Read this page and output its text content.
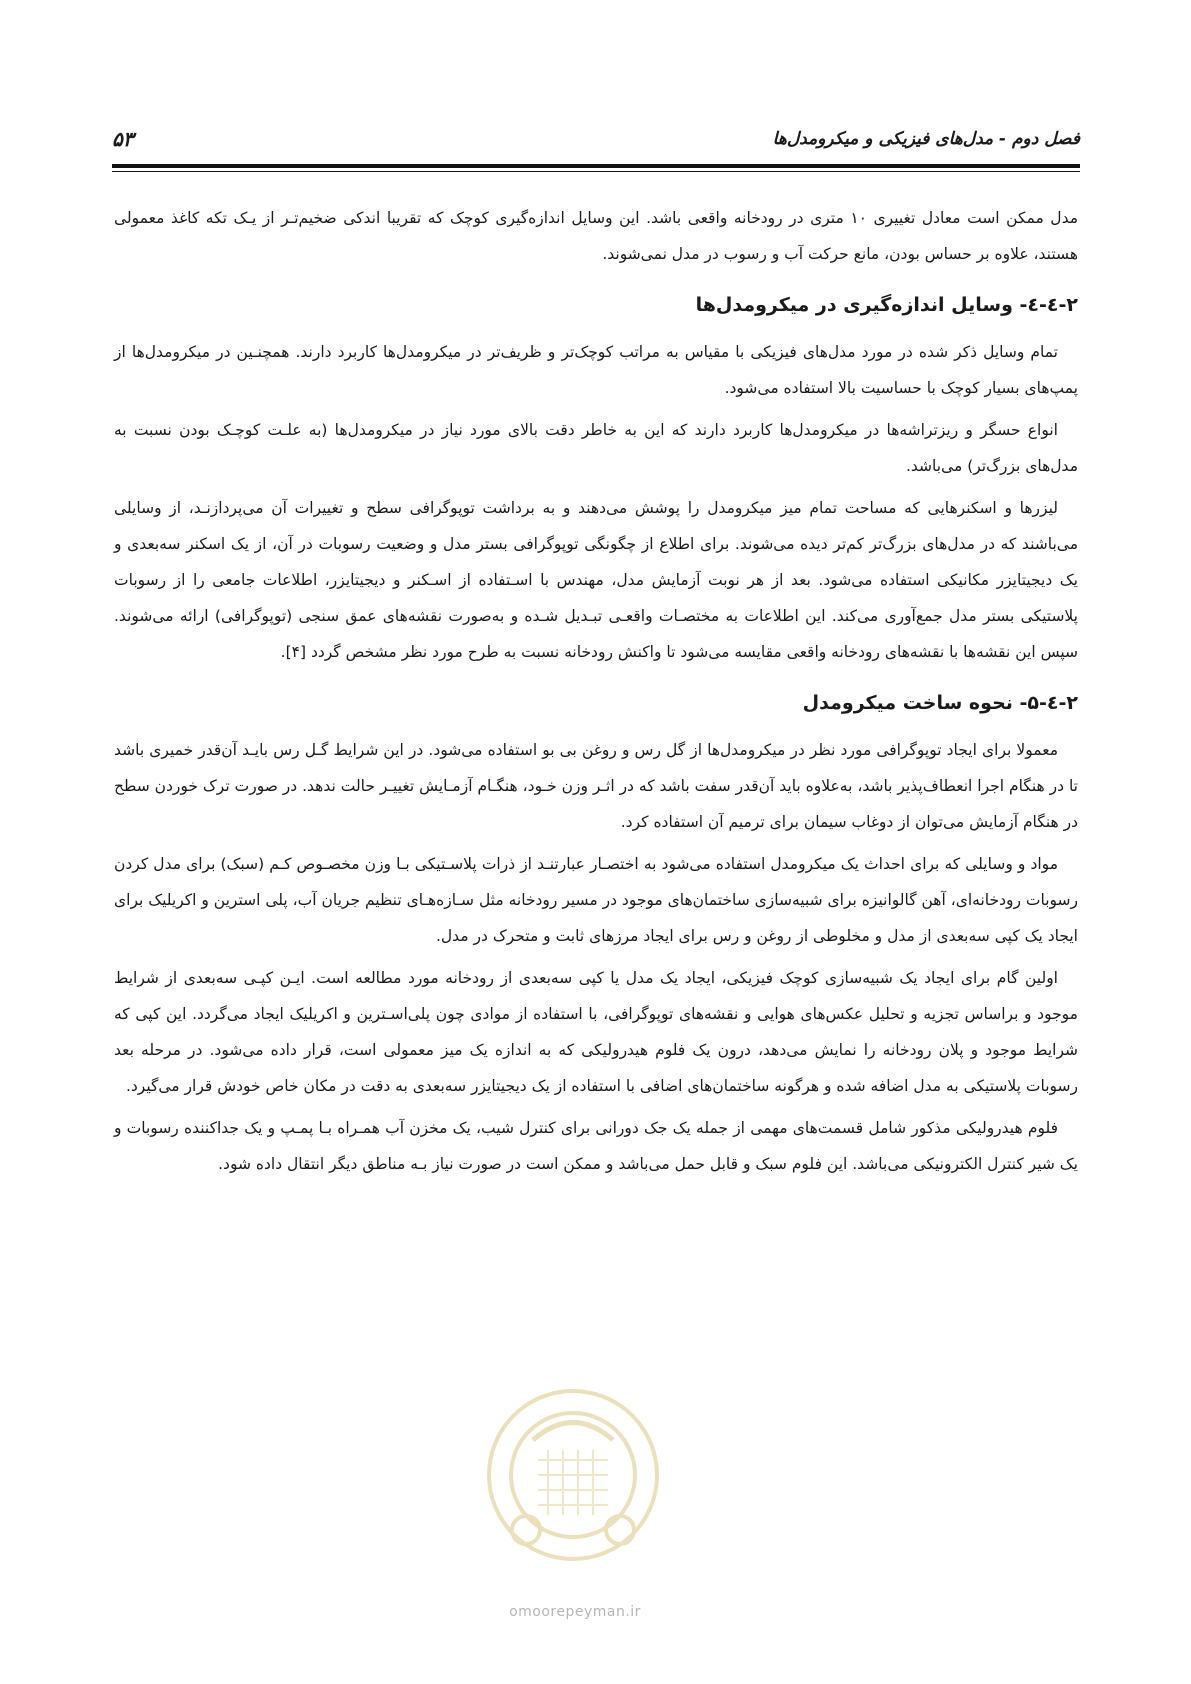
فصل دوم - مدل‌های فیزیکی و میکرومدل‌ها
۵۳

مدل ممکن است معادل تغییری ۱۰ متری در رودخانه واقعی باشد. این وسایل اندازه‌گیری کوچک که تقریبا اندکی ضخیم‌تـر از یـک تکه کاغذ معمولی هستند، علاوه بر حساس بودن، مانع حرکت آب و رسوب در مدل نمی‌شوند.

۲-٤-٤- وسایل اندازه‌گیری در میکرومدل‌ها

تمام وسایل ذکر شده در مورد مدل‌های فیزیکی با مقیاس به مراتب کوچک‌تر و ظریف‌تر در میکرومدل‌ها کاربرد دارند. همچنـین در میکرومدل‌ها از پمپ‌های بسیار کوچک با حساسیت بالا استفاده می‌شود.

انواع حسگر و ریزتراشه‌ها در میکرومدل‌ها کاربرد دارند که این به خاطر دقت بالای مورد نیاز در میکرومدل‌ها (به علـت کوچـک بودن نسبت به مدل‌های بزرگ‌تر) می‌باشد.

لیزرها و اسکنرهایی که مساحت تمام میز میکرومدل را پوشش می‌دهند و به برداشت توپوگرافی سطح و تغییرات آن می‌پردازنـد، از وسایلی می‌باشند که در مدل‌های بزرگ‌تر کم‌تر دیده می‌شوند. برای اطلاع از چگونگی توپوگرافی بستر مدل و وضعیت رسوبات در آن، از یک اسکنر سه‌بعدی و یک دیجیتایزر مکانیکی استفاده می‌شود. بعد از هر نوبت آزمایش مدل، مهندس با اسـتفاده از اسـکنر و دیجیتایزر، اطلاعات جامعی را از رسوبات پلاستیکی بستر مدل جمع‌آوری می‌کند. این اطلاعات به مختصـات واقعـی تبـدیل شـده و به‌صورت نقشه‌های عمق سنجی (توپوگرافی) ارائه می‌شوند. سپس این نقشه‌ها با نقشه‌های رودخانه واقعی مقایسه می‌شود تا واکنش رودخانه نسبت به طرح مورد نظر مشخص گردد [۴].

۲-٤-۵- نحوه ساخت میکرومدل

معمولا برای ایجاد توپوگرافی مورد نظر در میکرومدل‌ها از گل رس و روغن بی بو استفاده می‌شود. در این شرایط گـل رس بایـد آن‌قدر خمیری باشد تا در هنگام اجرا انعطاف‌پذیر باشد، به‌علاوه باید آن‌قدر سفت باشد که در اثـر وزن خـود، هنگـام آزمـایش تغییـر حالت ندهد. در صورت ترک خوردن سطح در هنگام آزمایش می‌توان از دوغاب سیمان برای ترمیم آن استفاده کرد.

مواد و وسایلی که برای احداث یک میکرومدل استفاده می‌شود به اختصـار عبارتنـد از ذرات پلاسـتیکی بـا وزن مخصـوص کـم (سبک) برای مدل کردن رسوبات رودخانه‌ای، آهن گالوانیزه برای شبیه‌سازی ساختمان‌های موجود در مسیر رودخانه مثل سـازه‌هـای تنظیم جریان آب، پلی استرین و اکریلیک برای ایجاد یک کپی سه‌بعدی از مدل و مخلوطی از روغن و رس برای ایجاد مرزهای ثابت و متحرک در مدل.

اولین گام برای ایجاد یک شبیه‌سازی کوچک فیزیکی، ایجاد یک مدل یا کپی سه‌بعدی از رودخانه مورد مطالعه است. ایـن کپـی سه‌بعدی از شرایط موجود و براساس تجزیه و تحلیل عکس‌های هوایی و نقشه‌های توپوگرافی، با استفاده از موادی چون پلی‌اسـترین و اکریلیک ایجاد می‌گردد. این کپی که شرایط موجود و پلان رودخانه را نمایش می‌دهد، درون یک فلوم هیدرولیکی که به اندازه یک میز معمولی است، قرار داده می‌شود. در مرحله بعد رسوبات پلاستیکی به مدل اضافه شده و هرگونه ساختمان‌های اضافی با استفاده از یک دیجیتایزر سه‌بعدی به دقت در مکان خاص خودش قرار می‌گیرد.

فلوم هیدرولیکی مذکور شامل قسمت‌های مهمی از جمله یک جک دورانی برای کنترل شیب، یک مخزن آب همـراه بـا پمـپ و یک جداکننده رسوبات و یک شیر کنترل الکترونیکی می‌باشد. این فلوم سبک و قابل حمل می‌باشد و ممکن است در صورت نیاز بـه مناطق دیگر انتقال داده شود.

omoorepeyman.ir
